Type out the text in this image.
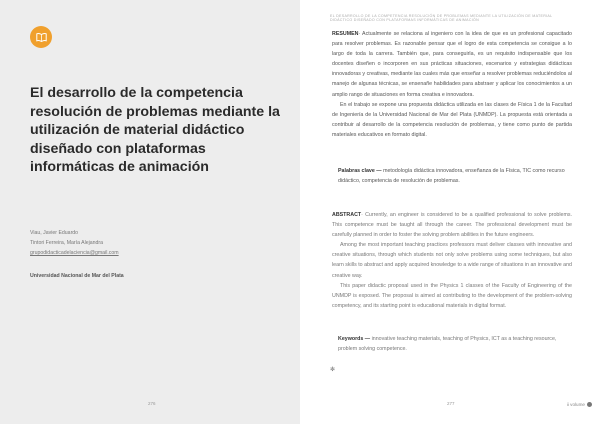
El desarrollo de la competencia resolución de problemas mediante la utilización de material didáctico diseñado con plataformas informáticas de animación
Viau, Javier Eduardo
Tintori Ferreira, María Alejandra
grupodidacticadelaciencia@gmail.com
Universidad Nacional de Mar del Plata
276
EL DESARROLLO DE LA COMPETENCIA RESOLUCIÓN DE PROBLEMAS MEDIANTE LA UTILIZACIÓN DE MATERIAL DIDÁCTICO DISEÑADO CON PLATAFORMAS INFORMÁTICAS DE ANIMACIÓN

RESUMEN· Actualmente se relaciona al ingeniero con la idea de que es un profesional capacitado para resolver problemas. Es razonable pensar que el logro de esta competencia se consigue a lo largo de toda la carrera. También que, para conseguirla, es un requisito indispensable que los docentes diseñen o incorporen en sus prácticas situaciones, escenarios y estrategias didácticas innovadoras y creativas, mediante las cuales más que enseñar a resolver problemas reduciéndolos al manejo de algunas técnicas, se ensenañe habilidades para abstraer y aplicar los conocimientos a un amplio rango de situaciones en forma creativa e innovadora.

En el trabajo se expone una propuesta didáctica utilizada en las clases de Física 1 de la Facultad de Ingeniería de la Universidad Nacional de Mar del Plata (UNMDP). La propuesta está orientada a contribuir al desarrollo de la competencia resolución de problemas, y tiene como punto de partida materiales educativos en formato digital.

Palabras clave — metodología didáctica innovadora, enseñanza de la Física, TIC como recurso didáctico, competencia de resolución de problemas.

ABSTRACT· Currently, an engineer is considered to be a qualified professional to solve problems. This competence must be taught all through the career. The professional development must be carefully planned in order to foster the solving problem abilities in the future engineers.

Among the most important teaching practices professors must deliver classes with innovative and creative situations, through which students not only solve problems using some techniques, but also learn skills to abstract and apply acquired knowledge to a wide range of situations in an innovative and creative way.

This paper didactic proposal used in the Physics 1 classes of the Faculty of Engineering of the UNMDP is exposed. The proposal is aimed at contributing to the development of the problem-solving competency, and its starting point is educational materials in digital format.

Keywords — innovative teaching materials, teaching of Physics, ICT as a teaching resource, problem solving competence.
✻
277	ii volume
